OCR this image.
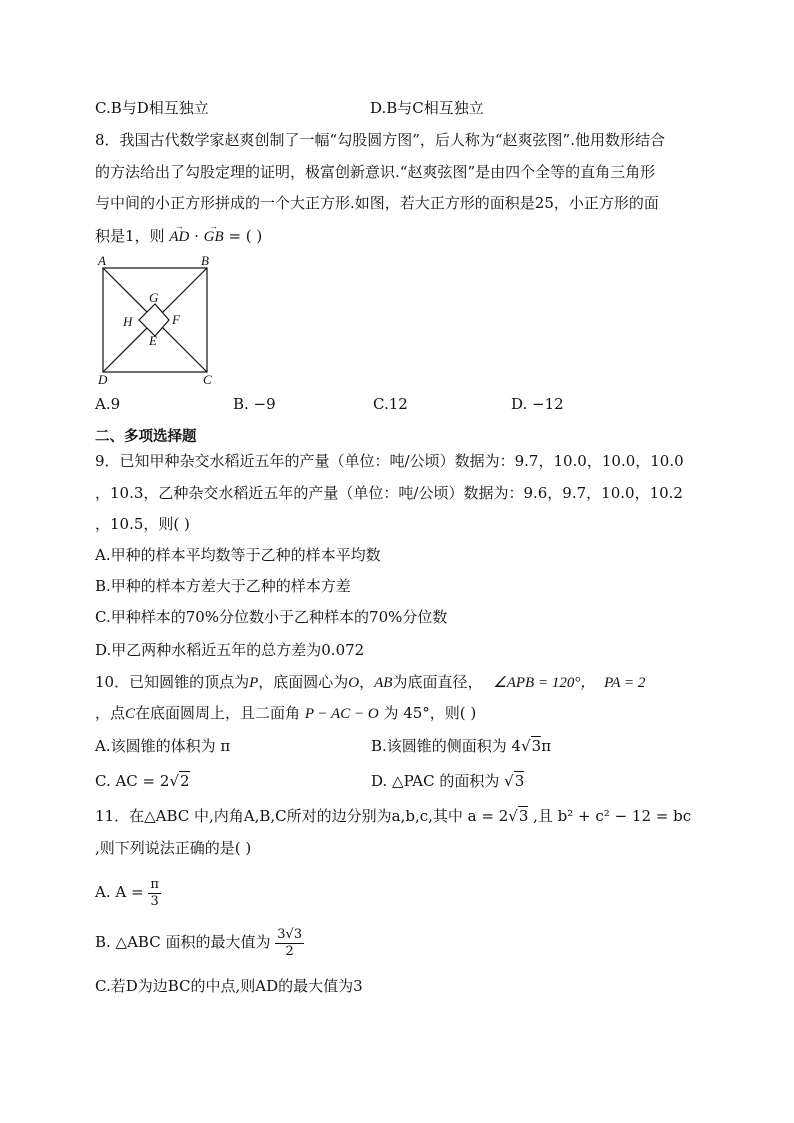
C.B与D相互独立	D.B与C相互独立
8．我国古代数学家赵爽创制了一幅“勾股圆方图”，后人称为“赵爽弦图”.他用数形结合
的方法给出了勾股定理的证明，极富创新意识.“赵爽弦图”是由四个全等的直角三角形
与中间的小正方形拼成的一个大正方形.如图，若大正方形的面积是25，小正方形的面
积是1，则 → AD · → GB = ( )
A	B
C
D
G
H	F
E
A.9	B. −9	C.12	D. −12
二、多项选择题
9．已知甲种杂交水稻近五年的产量（单位：吨/公顷）数据为：9.7，10.0，10.0，10.0
，10.3，乙种杂交水稻近五年的产量（单位：吨/公顷）数据为：9.6，9.7，10.0，10.2
，10.5，则( )
A.甲种的样本平均数等于乙种的样本平均数
B.甲种的样本方差大于乙种的样本方差
C.甲种样本的70%分位数小于乙种样本的70%分位数
D.甲乙两种水稻近五年的总方差为0.072
10．已知圆锥的顶点为P，底面圆心为O，AB为底面直径， ∠APB = 120°， PA = 2
，点C在底面圆周上，且二面角 P − AC − O 为 45°，则( )
A.该圆锥的体积为 π	B.该圆锥的侧面积为 4√3π
C. AC = 2√2	D. △PAC 的面积为 √3
11．在△ABC 中,内角A,B,C所对的边分别为a,b,c,其中 a = 2√3 ,且 b² + c² − 12 = bc
,则下列说法正确的是( )
A. $A = \frac{\pi}{3}$
B. △ABC 面积的最大值为 $\frac{3√3}{2}$
C.若D为边BC的中点,则AD的最大值为3
